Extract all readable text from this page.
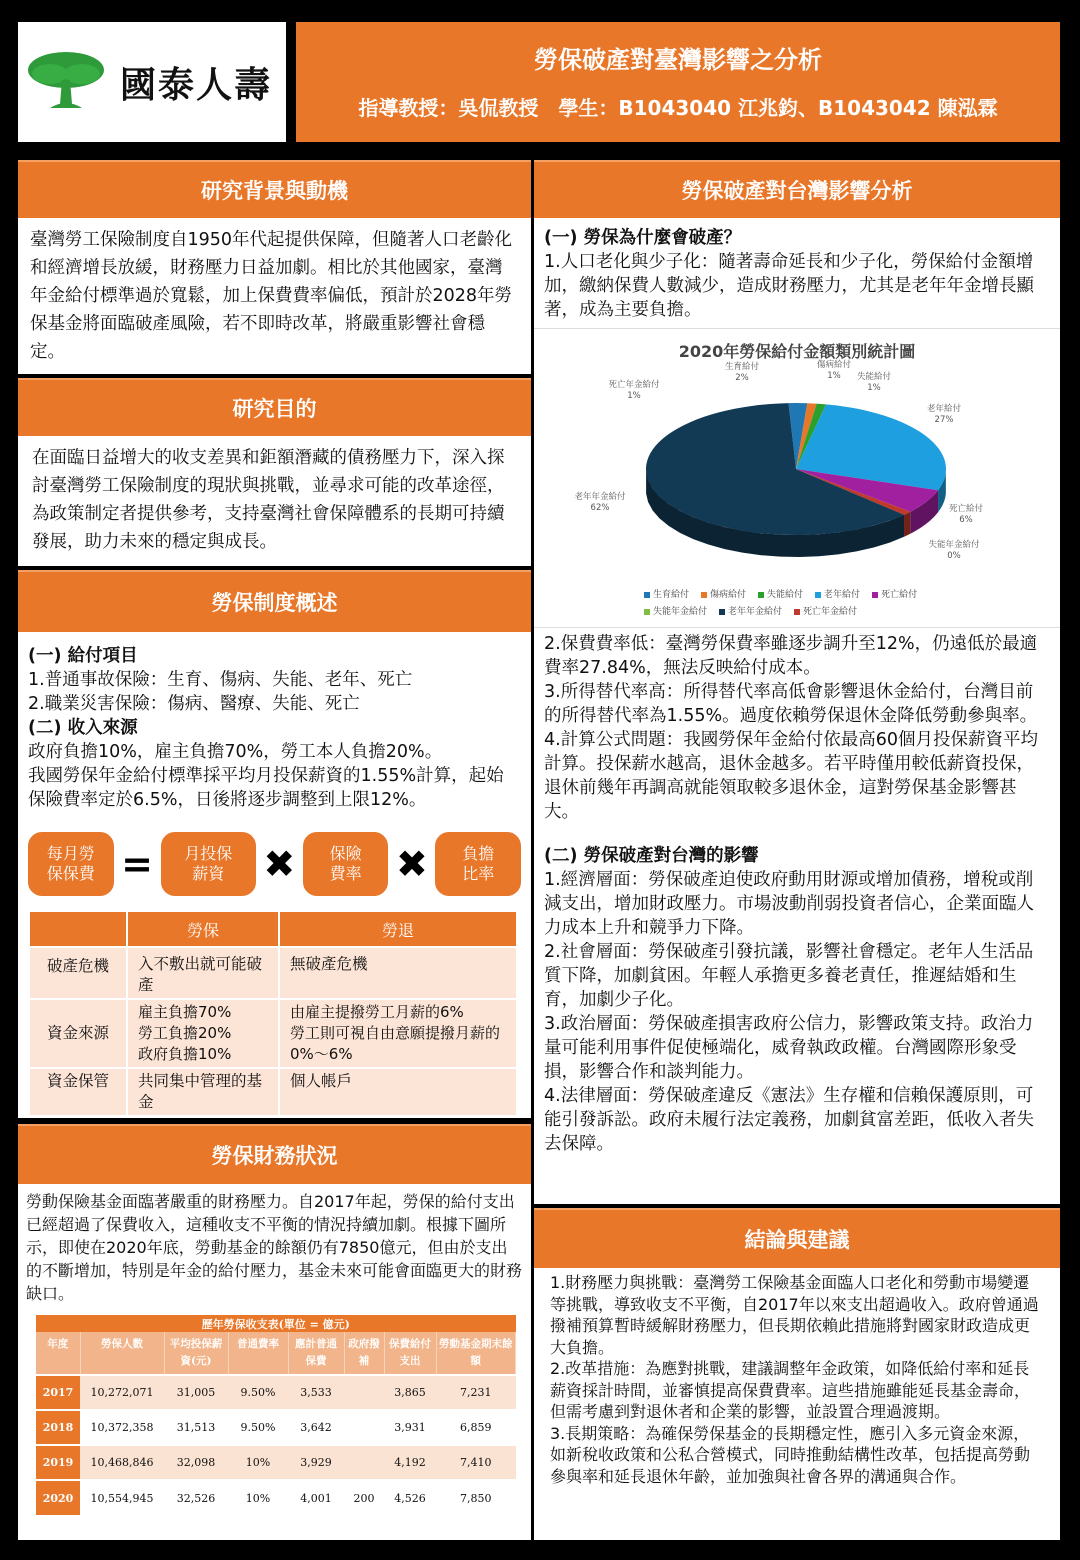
國泰人壽
勞保破產對臺灣影響之分析
指導教授：吳侃教授　學生：B1043040 江兆鈞、B1043042 陳泓霖
研究背景與動機
臺灣勞工保險制度自1950年代起提供保障，但隨著人口老齡化和經濟增長放緩，財務壓力日益加劇。相比於其他國家，臺灣年金給付標準過於寬鬆，加上保費費率偏低，預計於2028年勞保基金將面臨破產風險，若不即時改革，將嚴重影響社會穩定。
研究目的
在面臨日益增大的收支差異和鉅額潛藏的債務壓力下，深入探討臺灣勞工保險制度的現狀與挑戰，並尋求可能的改革途徑，為政策制定者提供參考，支持臺灣社會保障體系的長期可持續發展，助力未來的穩定與成長。
勞保制度概述
(一) 給付項目
1.普通事故保險：生育、傷病、失能、老年、死亡
2.職業災害保險：傷病、醫療、失能、死亡
(二) 收入來源
政府負擔10%，雇主負擔70%，勞工本人負擔20%。
我國勞保年金給付標準採平均月投保薪資的1.55%計算，起始保險費率定於6.5%，日後將逐步調整到上限12%。
每月勞
保保費 =	月投保
薪資	✖	保險
費率 ✖	負擔
比率
	勞保	勞退
破產危機	入不敷出就可能破產	無破產危機
資金來源	雇主負擔70%
勞工負擔20%
政府負擔10%	由雇主提撥勞工月薪的6%
勞工則可視自由意願提撥月薪的0%～6%
資金保管	共同集中管理的基金	個人帳戶
勞保財務狀況
勞動保險基金面臨著嚴重的財務壓力。自2017年起，勞保的給付支出已經超過了保費收入，這種收支不平衡的情況持續加劇。根據下圖所示，即使在2020年底，勞動基金的餘額仍有7850億元，但由於支出的不斷增加，特別是年金的給付壓力，基金未來可能會面臨更大的財務缺口。
歷年勞保收支表(單位 = 億元)							
年度	勞保人數	平均投保薪資(元)	普通費率	應計普通保費	政府撥補	保費給付支出	勞動基金期末餘額
2017	10,272,071	31,005	9.50%	3,533		3,865	7,231
2018	10,372,358	31,513	9.50%	3,642		3,931	6,859
2019	10,468,846	32,098	10%	3,929		4,192	7,410
2020	10,554,945	32,526	10%	4,001	200	4,526	7,850
勞保破產對台灣影響分析
(一) 勞保為什麼會破產？
1.人口老化與少子化：隨著壽命延長和少子化，勞保給付金額增加，繳納保費人數減少，造成財務壓力，尤其是老年年金增長顯著，成為主要負擔。
2020年勞保給付金額類別統計圖
死亡年金給付
1%
生育給付
2%
傷病給付
1% 失能給付
1%
老年給付
27%
死亡給付
6%
失能年金給付
0%
老年年金給付
62%
生育給付	傷病給付	失能給付	老年給付	死亡給付
失能年金給付	老年年金給付	死亡年金給付
2.保費費率低：臺灣勞保費率雖逐步調升至12%，仍遠低於最適費率27.84%，無法反映給付成本。
3.所得替代率高：所得替代率高低會影響退休金給付，台灣目前的所得替代率為1.55%。過度依賴勞保退休金降低勞動參與率。
4.計算公式問題：我國勞保年金給付依最高60個月投保薪資平均計算。投保薪水越高，退休金越多。若平時僅用較低薪資投保，退休前幾年再調高就能領取較多退休金，這對勞保基金影響甚大。
(二) 勞保破產對台灣的影響
1.經濟層面：勞保破產迫使政府動用財源或增加債務，增稅或削減支出，增加財政壓力。市場波動削弱投資者信心，企業面臨人力成本上升和競爭力下降。
2.社會層面：勞保破產引發抗議，影響社會穩定。老年人生活品質下降，加劇貧困。年輕人承擔更多養老責任，推遲結婚和生育，加劇少子化。
3.政治層面：勞保破產損害政府公信力，影響政策支持。政治力量可能利用事件促使極端化，威脅執政政權。台灣國際形象受損，影響合作和談判能力。
4.法律層面：勞保破產違反《憲法》生存權和信賴保護原則，可能引發訴訟。政府未履行法定義務，加劇貧富差距，低收入者失去保障。
結論與建議
1.財務壓力與挑戰：臺灣勞工保險基金面臨人口老化和勞動市場變遷等挑戰，導致收支不平衡，自2017年以來支出超過收入。政府曾通過撥補預算暫時緩解財務壓力，但長期依賴此措施將對國家財政造成更大負擔。
2.改革措施：為應對挑戰，建議調整年金政策，如降低給付率和延長薪資採計時間，並審慎提高保費費率。這些措施雖能延長基金壽命，但需考慮到對退休者和企業的影響，並設置合理過渡期。
3.長期策略：為確保勞保基金的長期穩定性，應引入多元資金來源，如新稅收政策和公私合營模式，同時推動結構性改革，包括提高勞動參與率和延長退休年齡，並加強與社會各界的溝通與合作。
